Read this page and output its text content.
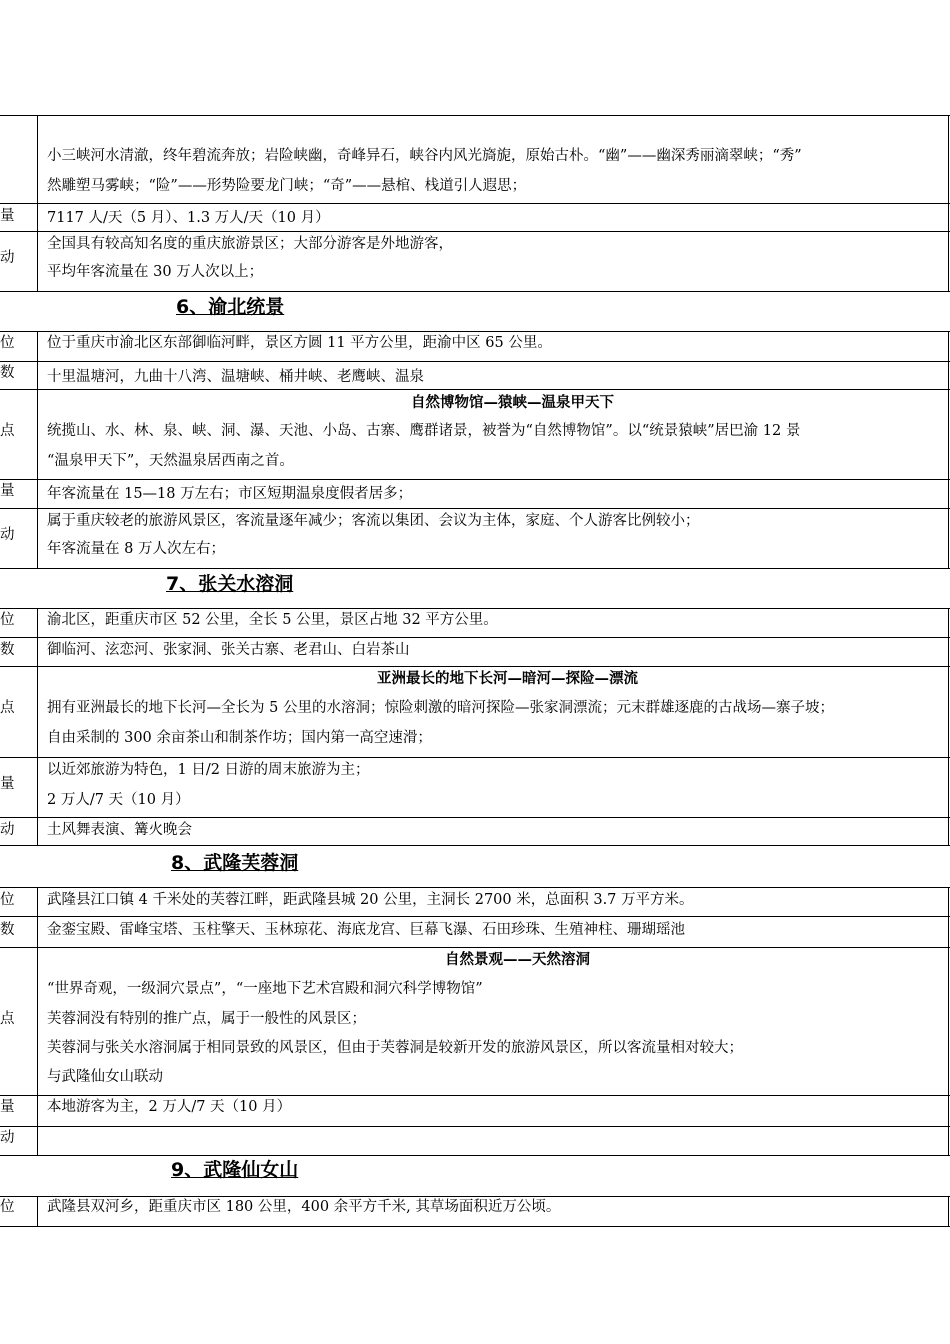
小三峡河水清澈，终年碧流奔放；岩险峡幽，奇峰异石，峡谷内风光旖旎，原始古朴。“幽”——幽深秀丽滴翠峡；“秀”
然雕塑马雾峡；“险”——形势险要龙门峡；“奇”——悬棺、栈道引人遐思；
量 7117 人/天（5 月）、1.3 万人/天（10 月）
动
全国具有较高知名度的重庆旅游景区；大部分游客是外地游客，
平均年客流量在 30 万人次以上；
6、渝北统景
位 位于重庆市渝北区东部御临河畔，景区方圆 11 平方公里，距渝中区 65 公里。
数 十里温塘河，九曲十八湾、温塘峡、桶井峡、老鹰峡、温泉
自然博物馆—猿峡—温泉甲天下
点 统揽山、水、林、泉、峡、洞、瀑、天池、小岛、古寨、鹰群诸景，被誉为“自然博物馆”。以“统景猿峡”居巴渝 12 景
“温泉甲天下”，天然温泉居西南之首。
量 年客流量在 15—18 万左右；市区短期温泉度假者居多；
动
属于重庆较老的旅游风景区，客流量逐年减少；客流以集团、会议为主体，家庭、个人游客比例较小；
年客流量在 8 万人次左右；
7、张关水溶洞
位 渝北区，距重庆市区 52 公里，全长 5 公里，景区占地 32 平方公里。
数 御临河、泫恋河、张家洞、张关古寨、老君山、白岩茶山
亚洲最长的地下长河—暗河—探险—漂流
点 拥有亚洲最长的地下长河—全长为 5 公里的水溶洞；惊险刺激的暗河探险—张家洞漂流；元末群雄逐鹿的古战场—寨子坡；
自由采制的 300 余亩茶山和制茶作坊；国内第一高空速滑；
量
以近郊旅游为特色，1 日/2 日游的周末旅游为主；
2 万人/7 天（10 月）
动 土风舞表演、篝火晚会
8、武隆芙蓉洞
位 武隆县江口镇 4 千米处的芙蓉江畔，距武隆县城 20 公里，主洞长 2700 米，总面积 3.7 万平方米。
数 金銮宝殿、雷峰宝塔、玉柱擎天、玉林琼花、海底龙宫、巨幕飞瀑、石田珍珠、生殖神柱、珊瑚瑶池
自然景观——天然溶洞
“世界奇观，一级洞穴景点”，“一座地下艺术宫殿和洞穴科学博物馆”
点 芙蓉洞没有特别的推广点，属于一般性的风景区；
芙蓉洞与张关水溶洞属于相同景致的风景区，但由于芙蓉洞是较新开发的旅游风景区，所以客流量相对较大；
与武隆仙女山联动
量 本地游客为主，2 万人/7 天（10 月）
动
9、武隆仙女山
位 武隆县双河乡，距重庆市区 180 公里，400 余平方千米, 其草场面积近万公顷。
